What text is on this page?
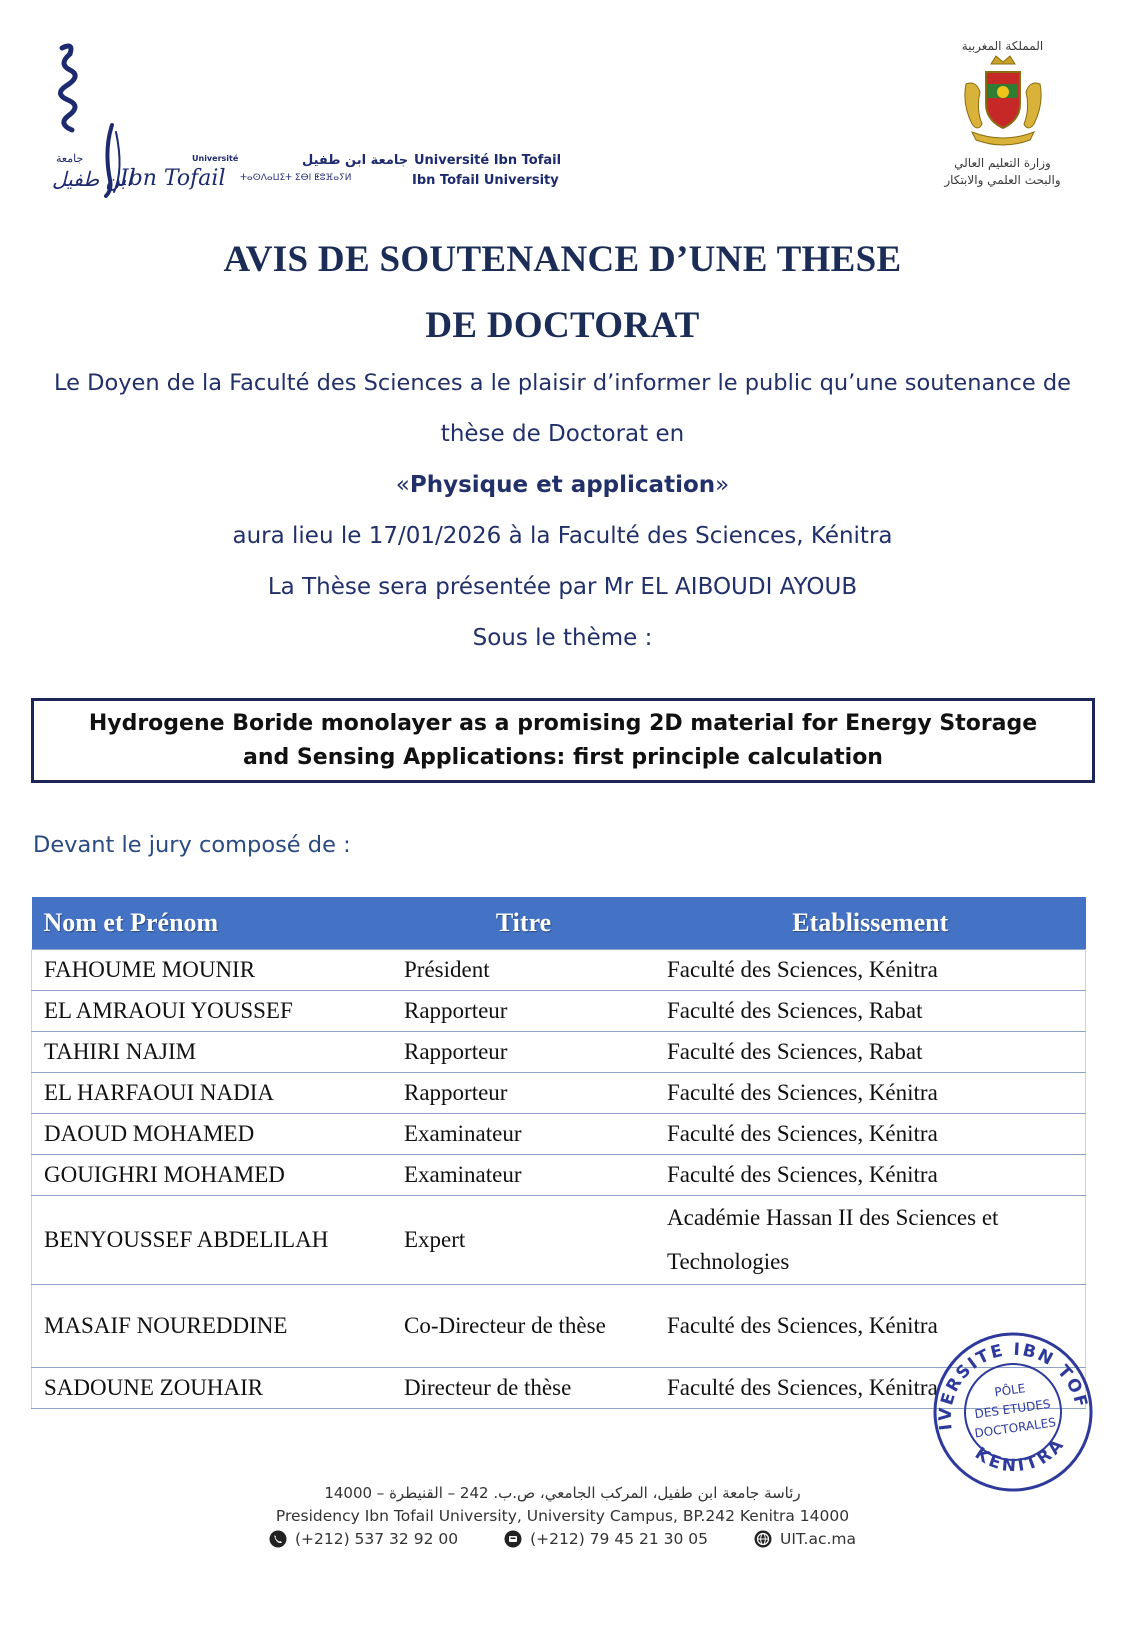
جامعة
ابن طفيل
Ibn Tofail
Université	جامعة ابن طفيل Université Ibn Tofail
ⵜⴰⵙⴷⴰⵡⵉⵜ ⵉⴱⵏ ⵟⵓⴼⴰⵢⵍ	Ibn Tofail University
المملكة المغربية
وزارة التعليم العالي
والبحث العلمي والابتكار
AVIS DE SOUTENANCE D’UNE THESE
DE DOCTORAT
Le Doyen de la Faculté des Sciences a le plaisir d’informer le public qu’une soutenance de
thèse de Doctorat en
«Physique et application»
aura lieu le 17/01/2026 à la Faculté des Sciences, Kénitra
La Thèse sera présentée par Mr EL AIBOUDI AYOUB
Sous le thème :
Hydrogene Boride monolayer as a promising 2D material for Energy Storage and Sensing Applications: first principle calculation
Devant le jury composé de :
Nom et Prénom	Titre	Etablissement
FAHOUME MOUNIR	Président	Faculté des Sciences, Kénitra
EL AMRAOUI YOUSSEF	Rapporteur	Faculté des Sciences, Rabat
TAHIRI NAJIM	Rapporteur	Faculté des Sciences, Rabat
EL HARFAOUI NADIA	Rapporteur	Faculté des Sciences, Kénitra
DAOUD MOHAMED	Examinateur	Faculté des Sciences, Kénitra
GOUIGHRI MOHAMED	Examinateur	Faculté des Sciences, Kénitra
BENYOUSSEF ABDELILAH	Expert	Académie Hassan II des Sciences et Technologies
MASAIF NOUREDDINE	Co-Directeur de thèse	Faculté des Sciences, Kénitra
SADOUNE ZOUHAIR	Directeur de thèse	Faculté des Sciences, Kénitra
UNIVERSITE IBN TOFAIL
KENITRA
PÔLE
DES ETUDES
DOCTORALES
رئاسة جامعة ابن طفيل، المركب الجامعي، ص.ب. 242 – القنيطرة – 14000
Presidency Ibn Tofail University, University Campus, BP.242 Kenitra 14000
(+212) 537 32 92 00	(+212) 79 45 21 30 05	UIT.ac.ma
